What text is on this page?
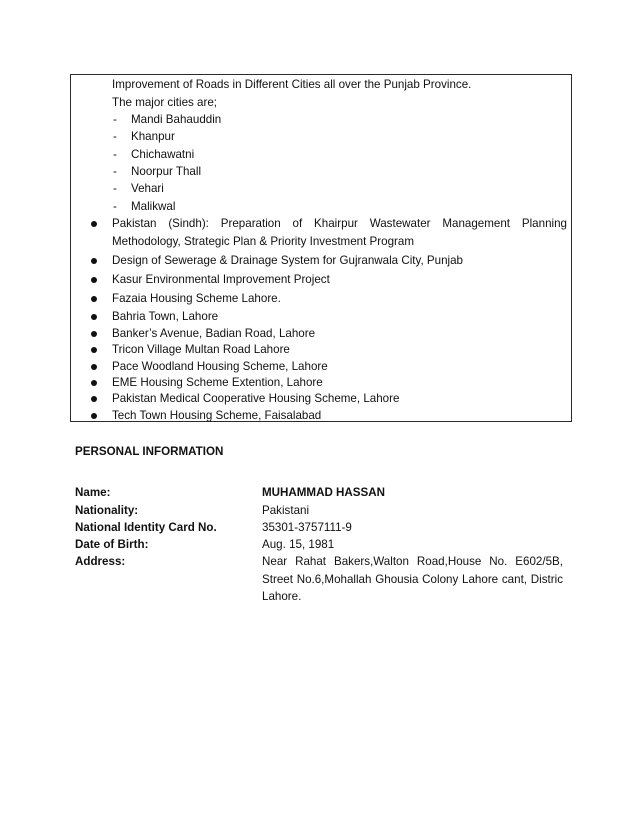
Improvement of Roads in Different Cities all over the Punjab Province.
The major cities are;
- Mandi Bahauddin
- Khanpur
- Chichawatni
- Noorpur Thall
- Vehari
- Malikwal
Pakistan (Sindh): Preparation of Khairpur Wastewater Management Planning
Methodology, Strategic Plan & Priority Investment Program
Design of Sewerage & Drainage System for Gujranwala City, Punjab
Kasur Environmental Improvement Project
Fazaia Housing Scheme Lahore.
Bahria Town, Lahore
Banker’s Avenue, Badian Road, Lahore
Tricon Village Multan Road Lahore
Pace Woodland Housing Scheme, Lahore
EME Housing Scheme Extention, Lahore
Pakistan Medical Cooperative Housing Scheme, Lahore
Tech Town Housing Scheme, Faisalabad
PERSONAL INFORMATION
Name:	MUHAMMAD HASSAN
Nationality:	Pakistani
National Identity Card No.	35301-3757111-9
Date of Birth:	Aug. 15, 1981
Address:	Near Rahat Bakers,Walton Road,House No. E602/5B,
Street No.6,Mohallah Ghousia Colony Lahore cant, Distric
Lahore.
